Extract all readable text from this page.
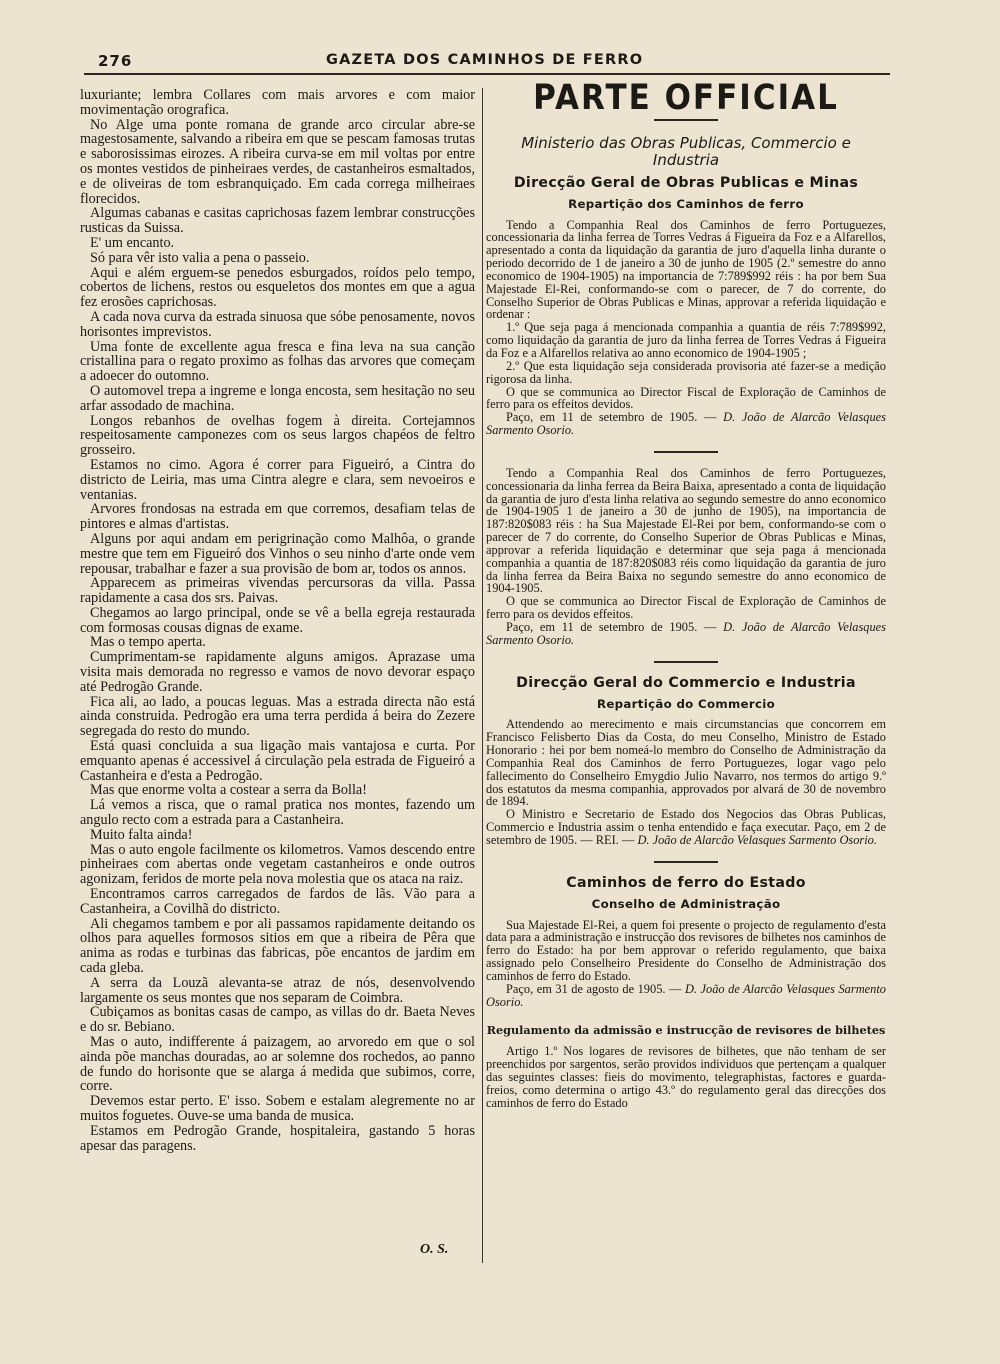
276	GAZETA DOS CAMINHOS DE FERRO

luxuriante; lembra Collares com mais arvores e com maior movimentação orografica.

No Alge uma ponte romana de grande arco circular abre-se magestosamente, salvando a ribeira em que se pescam famosas trutas e saborosissimas eirozes. A ribeira curva-se em mil voltas por entre os montes vestidos de pinheiraes verdes, de castanheiros esmaltados, e de oliveiras de tom esbranquiçado. Em cada correga milheiraes florecidos.

Algumas cabanas e casitas caprichosas fazem lembrar construcções rusticas da Suissa.

E' um encanto.

Só para vêr isto valia a pena o passeio.

Aqui e além erguem-se penedos esburgados, roídos pelo tempo, cobertos de lichens, restos ou esqueletos dos montes em que a agua fez erosões caprichosas.

A cada nova curva da estrada sinuosa que sóbe penosamente, novos horisontes imprevistos.

Uma fonte de excellente agua fresca e fina leva na sua canção cristallina para o regato proximo as folhas das arvores que começam a adoecer do outomno.

O automovel trepa a ingreme e longa encosta, sem hesitação no seu arfar assodado de machina.

Longos rebanhos de ovelhas fogem à direita. Cortejamnos respeitosamente camponezes com os seus largos chapéos de feltro grosseiro.

Estamos no cimo. Agora é correr para Figueiró, a Cintra do districto de Leiria, mas uma Cintra alegre e clara, sem nevoeiros e ventanias.

Arvores frondosas na estrada em que corremos, desafiam telas de pintores e almas d'artistas.

Alguns por aqui andam em perigrinação como Malhôa, o grande mestre que tem em Figueiró dos Vinhos o seu ninho d'arte onde vem repousar, trabalhar e fazer a sua provisão de bom ar, todos os annos.

Apparecem as primeiras vivendas percursoras da villa. Passa rapidamente a casa dos srs. Paivas.

Chegamos ao largo principal, onde se vê a bella egreja restaurada com formosas cousas dignas de exame.

Mas o tempo aperta.

Cumprimentam-se rapidamente alguns amigos. Aprazase uma visita mais demorada no regresso e vamos de novo devorar espaço até Pedrogão Grande.

Fica ali, ao lado, a poucas leguas. Mas a estrada directa não está ainda construida. Pedrogão era uma terra perdida á beira do Zezere segregada do resto do mundo.

Está quasi concluida a sua ligação mais vantajosa e curta. Por emquanto apenas é accessivel á circulação pela estrada de Figueiró a Castanheira e d'esta a Pedrogão.

Mas que enorme volta a costear a serra da Bolla!

Lá vemos a risca, que o ramal pratica nos montes, fazendo um angulo recto com a estrada para a Castanheira.

Muito falta ainda!

Mas o auto engole facilmente os kilometros. Vamos descendo entre pinheiraes com abertas onde vegetam castanheiros e onde outros agonizam, feridos de morte pela nova molestia que os ataca na raiz.

Encontramos carros carregados de fardos de lãs. Vão para a Castanheira, a Covilhã do districto.

Ali chegamos tambem e por ali passamos rapidamente deitando os olhos para aquelles formosos sitios em que a ribeira de Pêra que anima as rodas e turbinas das fabricas, põe encantos de jardim em cada gleba.

A serra da Louzã alevanta-se atraz de nós, desenvolvendo largamente os seus montes que nos separam de Coimbra.

Cubiçamos as bonitas casas de campo, as villas do dr. Baeta Neves e do sr. Bebiano.

Mas o auto, indifferente á paizagem, ao arvoredo em que o sol ainda põe manchas douradas, ao ar solemne dos rochedos, ao panno de fundo do horisonte que se alarga á medida que subimos, corre, corre.

Devemos estar perto. E' isso. Sobem e estalam alegremente no ar muitos foguetes. Ouve-se uma banda de musica.

Estamos em Pedrogão Grande, hospitaleira, gastando 5 horas apesar das paragens.

O. S.
PARTE OFFICIAL
Ministerio das Obras Publicas, Commercio e Industria
Direcção Geral de Obras Publicas e Minas
Repartição dos Caminhos de ferro

Tendo a Companhia Real dos Caminhos de ferro Portuguezes, concessionaria da linha ferrea de Torres Vedras á Figueira da Foz e a Alfarellos, apresentado a conta da liquidação da garantia de juro d'aquella linha durante o periodo decorrido de 1 de janeiro a 30 de junho de 1905 (2.º semestre do anno economico de 1904-1905) na importancia de 7:789$992 réis : ha por bem Sua Majestade El-Rei, conformando-se com o parecer, de 7 do corrente, do Conselho Superior de Obras Publicas e Minas, approvar a referida liquidação e ordenar :

1.º Que seja paga á mencionada companhia a quantia de réis 7:789$992, como liquidação da garantia de juro da linha ferrea de Torres Vedras á Figueira da Foz e a Alfarellos relativa ao anno economico de 1904-1905 ;

2.º Que esta liquidação seja considerada provisoria até fazer-se a medição rigorosa da linha.

O que se communica ao Director Fiscal de Exploração de Caminhos de ferro para os effeitos devidos.

Paço, em 11 de setembro de 1905. — D. João de Alarcão Velasques Sarmento Osorio.

Tendo a Companhia Real dos Caminhos de ferro Portuguezes, concessionaria da linha ferrea da Beira Baixa, apresentado a conta de liquidação da garantia de juro d'esta linha relativa ao segundo semestre do anno economico de 1904-1905 1 de janeiro a 30 de junho de 1905), na importancia de 187:820$083 réis : ha Sua Majestade El-Rei por bem, conformando-se com o parecer de 7 do corrente, do Conselho Superior de Obras Publicas e Minas, approvar a referida liquidação e determinar que seja paga á mencionada companhia a quantia de 187:820$083 réis como liquidação da garantia de juro da linha ferrea da Beira Baixa no segundo semestre do anno economico de 1904-1905.

O que se communica ao Director Fiscal de Exploração de Caminhos de ferro para os devidos effeitos.

Paço, em 11 de setembro de 1905. — D. João de Alarcão Velasques Sarmento Osorio.

Direcção Geral do Commercio e Industria
Repartição do Commercio

Attendendo ao merecimento e mais circumstancias que concorrem em Francisco Felisberto Dias da Costa, do meu Conselho, Ministro de Estado Honorario : hei por bem nomeá-lo membro do Conselho de Administração da Companhia Real dos Caminhos de ferro Portuguezes, logar vago pelo fallecimento do Conselheiro Emygdio Julio Navarro, nos termos do artigo 9.º dos estatutos da mesma companhia, approvados por alvará de 30 de novembro de 1894.

O Ministro e Secretario de Estado dos Negocios das Obras Publicas, Commercio e Industria assim o tenha entendido e faça executar. Paço, em 2 de setembro de 1905. — REI. — D. João de Alarcão Velasques Sarmento Osorio.

Caminhos de ferro do Estado
Conselho de Administração

Sua Majestade El-Rei, a quem foi presente o projecto de regulamento d'esta data para a administração e instrucção dos revisores de bilhetes nos caminhos de ferro do Estado: ha por bem approvar o referido regulamento, que baixa assignado pelo Conselheiro Presidente do Conselho de Administração dos caminhos de ferro do Estado.

Paço, em 31 de agosto de 1905. — D. João de Alarcão Velasques Sarmento Osorio.

Regulamento da admissão e instrucção de revisores de bilhetes

Artigo 1.º Nos logares de revisores de bilhetes, que não tenham de ser preenchidos por sargentos, serão providos individuos que pertençam a qualquer das seguintes classes: fieis do movimento, telegraphistas, factores e guarda-freios, como determina o artigo 43.º do regulamento geral das direcções dos caminhos de ferro do Estado
